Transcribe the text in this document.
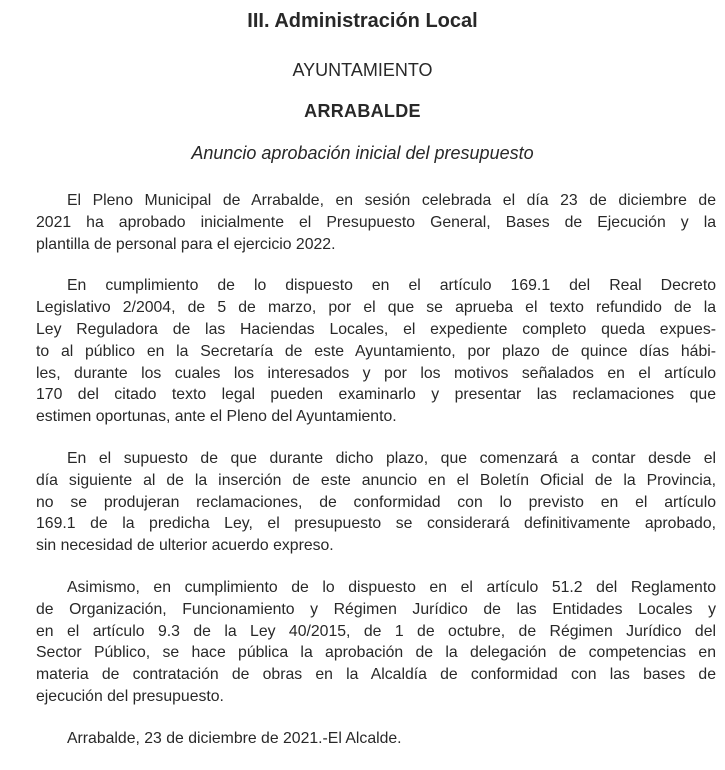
III. Administración Local
AYUNTAMIENTO
ARRABALDE
Anuncio aprobación inicial del presupuesto
El Pleno Municipal de Arrabalde, en sesión celebrada el día 23 de diciembre de
2021 ha aprobado inicialmente el Presupuesto General, Bases de Ejecución y la
plantilla de personal para el ejercicio 2022.
En cumplimiento de lo dispuesto en el artículo 169.1 del Real Decreto
Legislativo 2/2004, de 5 de marzo, por el que se aprueba el texto refundido de la
Ley Reguladora de las Haciendas Locales, el expediente completo queda expues-
to al público en la Secretaría de este Ayuntamiento, por plazo de quince días hábi-
les, durante los cuales los interesados y por los motivos señalados en el artículo
170 del citado texto legal pueden examinarlo y presentar las reclamaciones que
estimen oportunas, ante el Pleno del Ayuntamiento.
En el supuesto de que durante dicho plazo, que comenzará a contar desde el
día siguiente al de la inserción de este anuncio en el Boletín Oficial de la Provincia,
no se produjeran reclamaciones, de conformidad con lo previsto en el artículo
169.1 de la predicha Ley, el presupuesto se considerará definitivamente aprobado,
sin necesidad de ulterior acuerdo expreso.
Asimismo, en cumplimiento de lo dispuesto en el artículo 51.2 del Reglamento
de Organización, Funcionamiento y Régimen Jurídico de las Entidades Locales y
en el artículo 9.3 de la Ley 40/2015, de 1 de octubre, de Régimen Jurídico del
Sector Público, se hace pública la aprobación de la delegación de competencias en
materia de contratación de obras en la Alcaldía de conformidad con las bases de
ejecución del presupuesto.
Arrabalde, 23 de diciembre de 2021.-El Alcalde.
